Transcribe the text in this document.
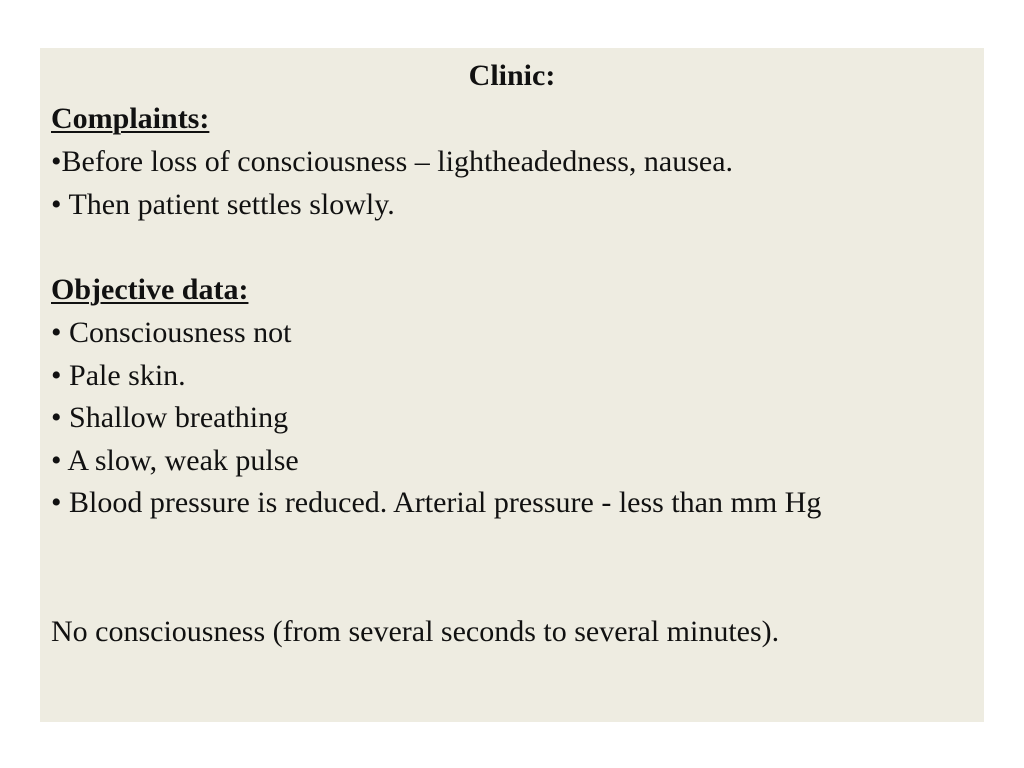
Clinic:
Complaints:
•Before loss of consciousness – lightheadedness, nausea.
• Then patient settles slowly.
Objective data:
• Consciousness not
• Pale skin.
• Shallow breathing
• A slow, weak pulse
• Blood pressure is reduced. Arterial pressure - less than mm Hg
No consciousness (from several seconds to several minutes).
